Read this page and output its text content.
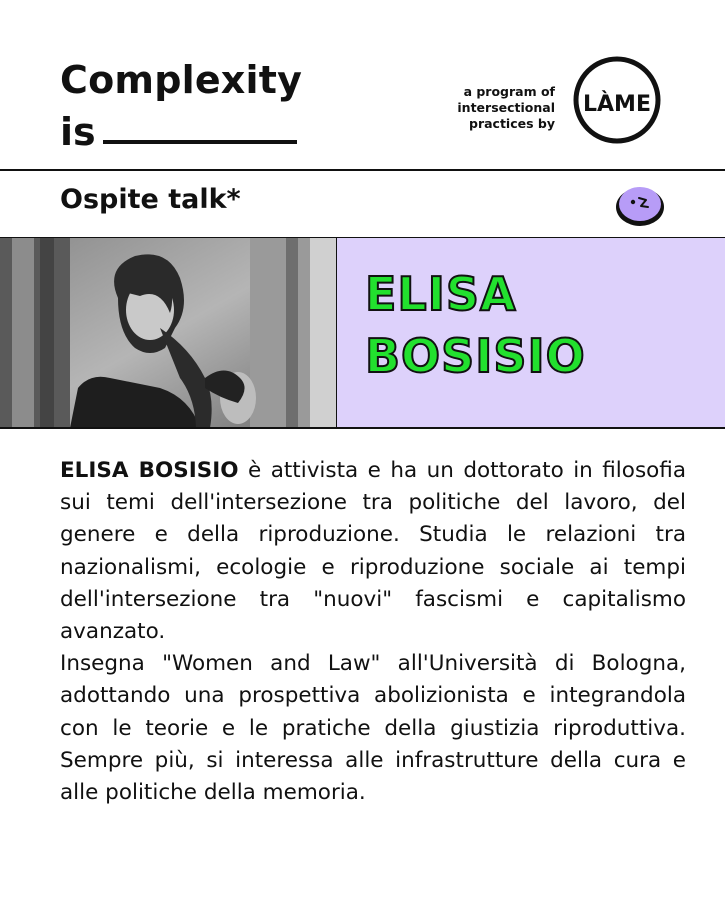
Complexity
is
a program of
intersectional
practices by
LÀME
Ospite talk*
ELISA
BOSISIO

ELISA BOSISIO è attivista e ha un dottorato in filosofia sui temi dell'intersezione tra politiche del lavoro, del genere e della riproduzione. Studia le relazioni tra nazionalismi, ecologie e riproduzione sociale ai tempi dell'intersezione tra "nuovi" fascismi e capitalismo avanzato.

Insegna "Women and Law" all'Università di Bologna, adottando una prospettiva abolizionista e integrandola con le teorie e le pratiche della giustizia riproduttiva. Sempre più, si interessa alle infrastrutture della cura e alle politiche della memoria.
